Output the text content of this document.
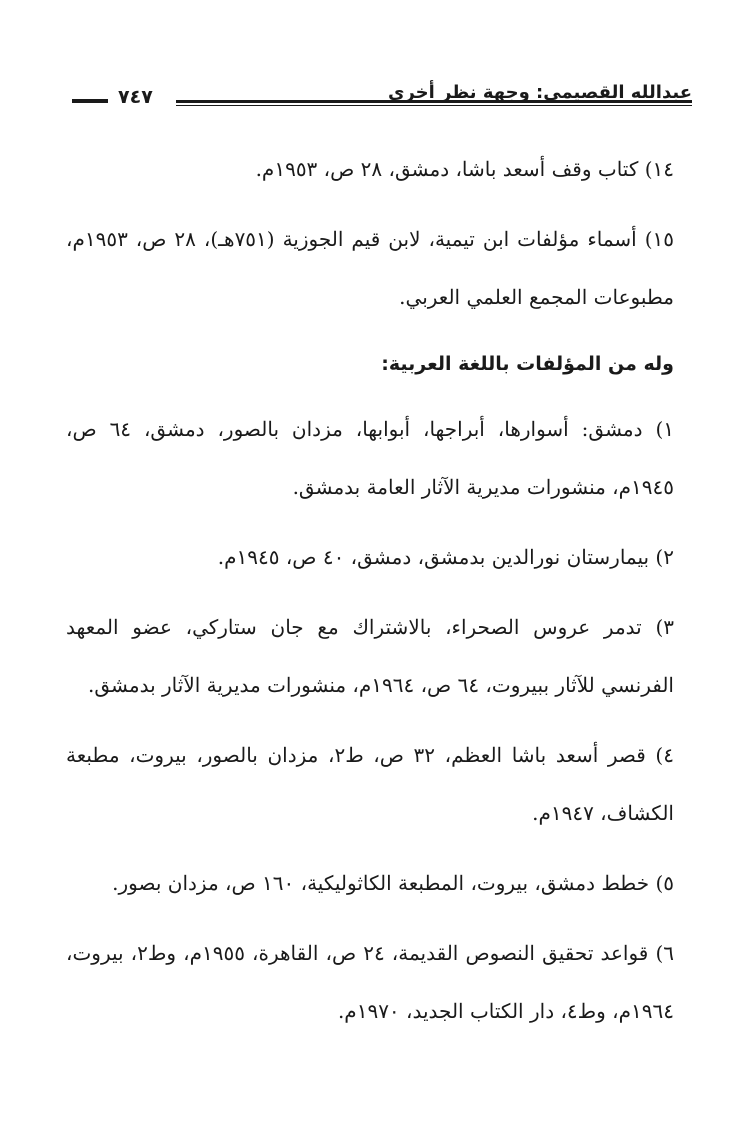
٧٤٧	عبدالله القصيمي: وجهة نظر أخرى

١٤) كتاب وقف أسعد باشا، دمشق، ٢٨ ص، ١٩٥٣م.

١٥) أسماء مؤلفات ابن تيمية، لابن قيم الجوزية (٧٥١هـ)، ٢٨ ص، ١٩٥٣م، مطبوعات المجمع العلمي العربي.

وله من المؤلفات باللغة العربية:

١) دمشق: أسوارها، أبراجها، أبوابها، مزدان بالصور، دمشق، ٦٤ ص، ١٩٤٥م، منشورات مديرية الآثار العامة بدمشق.

٢) بيمارستان نورالدين بدمشق، دمشق، ٤٠ ص، ١٩٤٥م.

٣) تدمر عروس الصحراء، بالاشتراك مع جان ستاركي، عضو المعهد الفرنسي للآثار ببيروت، ٦٤ ص، ١٩٦٤م، منشورات مديرية الآثار بدمشق.

٤) قصر أسعد باشا العظم، ٣٢ ص، ط٢، مزدان بالصور، بيروت، مطبعة الكشاف، ١٩٤٧م.

٥) خطط دمشق، بيروت، المطبعة الكاثوليكية، ١٦٠ ص، مزدان بصور.

٦) قواعد تحقيق النصوص القديمة، ٢٤ ص، القاهرة، ١٩٥٥م، وط٢، بيروت، ١٩٦٤م، وط٤، دار الكتاب الجديد، ١٩٧٠م.
